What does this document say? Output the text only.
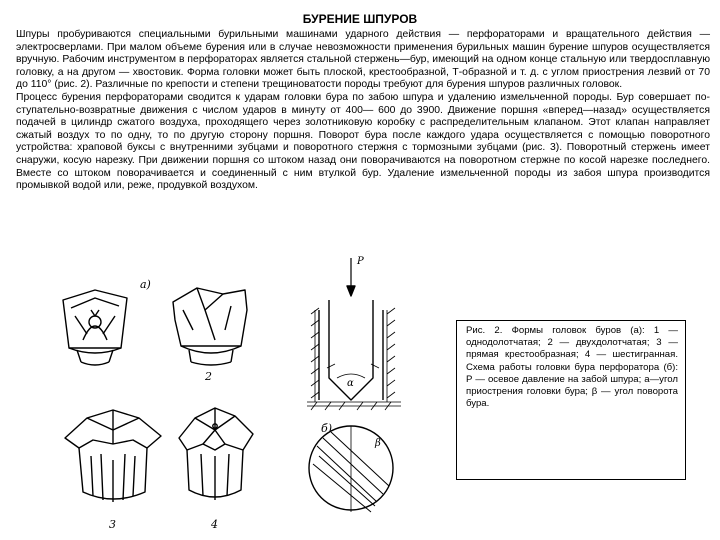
БУРЕНИЕ ШПУРОВ

Шпуры пробуриваются специальными бурильными машинами ударного действия — перфораторами и вращательного действия — электросверлами. При малом объеме бурения или в случае невозможности применения бурильных машин бурение шпуров осуществляется вручную. Рабочим инструментом в перфораторах является стальной стержень—бур, имеющий на одном конце стальную или твердосплавную головку, а на другом — хвостовик. Форма головки может быть плоской, крестообразной, Т-образной и т. д. с углом приострения лезвий от 70 до 110° (рис. 2). Различные по крепости и степени трещиноватости породы требуют для бурения шпуров различных головок.

Процесс бурения перфораторами сводится к ударам головки бура по забою шпура и удалению измельченной породы. Бур совершает по-ступательно-возвратные движения с числом ударов в минуту от 400— 600 до 3900. Движение поршня «вперед—назад» осуществляется подачей в цилиндр сжатого воздуха, проходящего через золотниковую коробку с распределительным клапаном. Этот клапан направляет сжатый воздух то по одну, то по другую сторону поршня. Поворот бура после каждого удара осуществляется с помощью поворотного устройства: храповой буксы с внутренними зубцами и поворотного стержня с тормозными зубцами (рис. 3). Поворотный стержень имеет снаружи, косую нарезку. При движении поршня со штоком назад они поворачиваются на поворотном стержне по косой нарезке последнего. Вместе со штоком поворачивается и соединенный с ним втулкой бур. Удаление измельченной породы из забоя шпура производится промывкой водой или, реже, продувкой воздухом.

а)
2
3	4
P
α
б)
β
Рис. 2. Формы головок буров (а): 1 — однодолотчатая; 2 — двухдолотчатая; 3 — прямая крестообразная; 4 — шестигранная. Схема работы головки бура перфоратора (б): Р — осевое давление на забой шпура; а—угол приострения головки бура; β — угол поворота бура.
